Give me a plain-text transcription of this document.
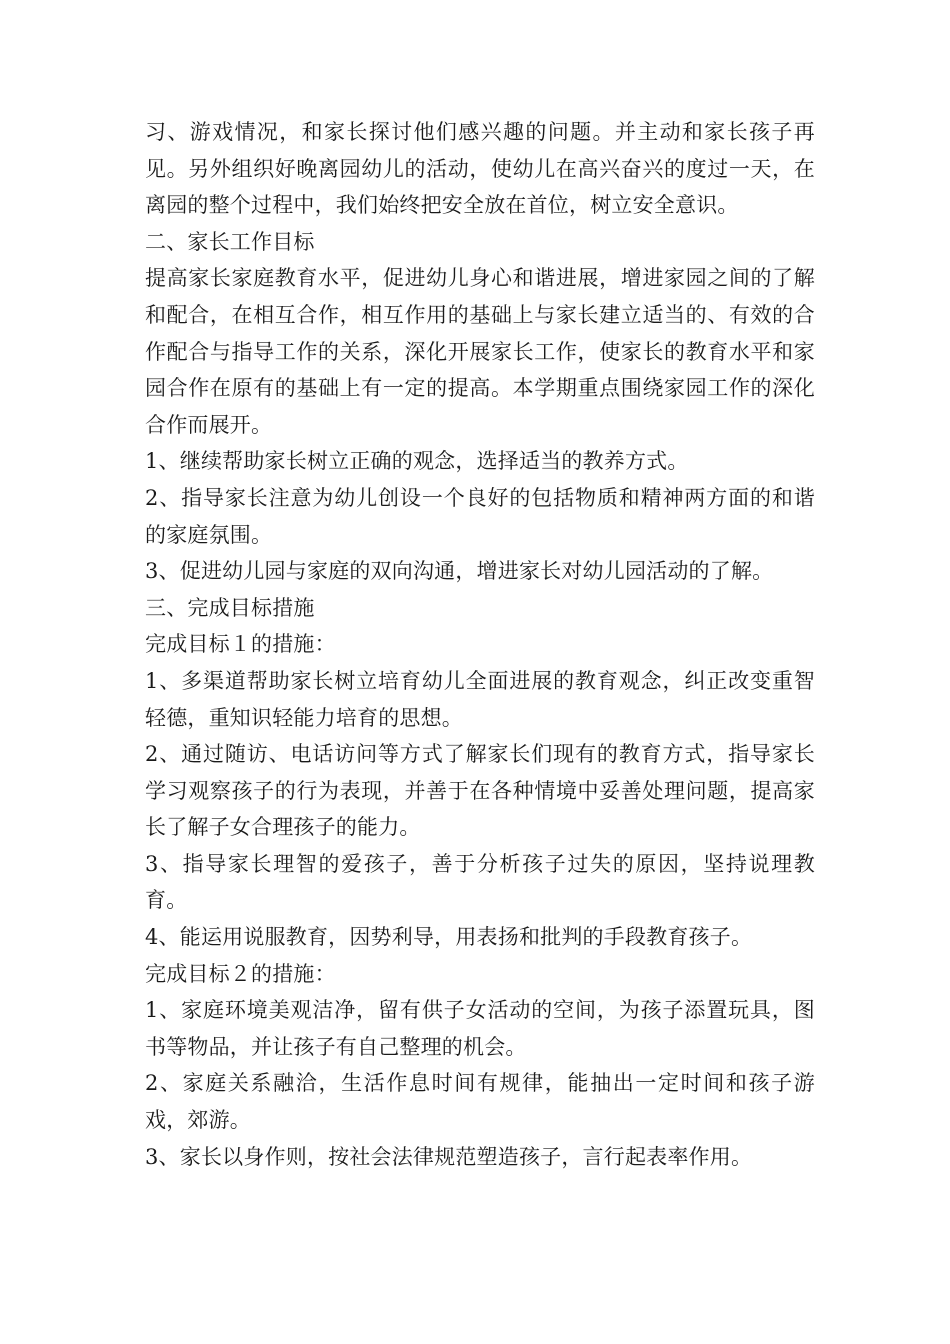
习、游戏情况，和家长探讨他们感兴趣的问题。并主动和家长孩子再见。另外组织好晚离园幼儿的活动，使幼儿在高兴奋兴的度过一天，在离园的整个过程中，我们始终把安全放在首位，树立安全意识。

二、家长工作目标

提高家长家庭教育水平，促进幼儿身心和谐进展，增进家园之间的了解和配合，在相互合作，相互作用的基础上与家长建立适当的、有效的合作配合与指导工作的关系，深化开展家长工作，使家长的教育水平和家园合作在原有的基础上有一定的提高。本学期重点围绕家园工作的深化合作而展开。

1、继续帮助家长树立正确的观念，选择适当的教养方式。

2、指导家长注意为幼儿创设一个良好的包括物质和精神两方面的和谐的家庭氛围。

3、促进幼儿园与家庭的双向沟通，增进家长对幼儿园活动的了解。

三、完成目标措施

完成目标１的措施：

1、多渠道帮助家长树立培育幼儿全面进展的教育观念，纠正改变重智轻德，重知识轻能力培育的思想。

2、通过随访、电话访问等方式了解家长们现有的教育方式，指导家长学习观察孩子的行为表现，并善于在各种情境中妥善处理问题，提高家长了解子女合理孩子的能力。

3、指导家长理智的爱孩子，善于分析孩子过失的原因，坚持说理教育。

4、能运用说服教育，因势利导，用表扬和批判的手段教育孩子。

完成目标２的措施：

1、家庭环境美观洁净，留有供子女活动的空间，为孩子添置玩具，图书等物品，并让孩子有自己整理的机会。

2、家庭关系融洽，生活作息时间有规律，能抽出一定时间和孩子游戏，郊游。

3、家长以身作则，按社会法律规范塑造孩子，言行起表率作用。
